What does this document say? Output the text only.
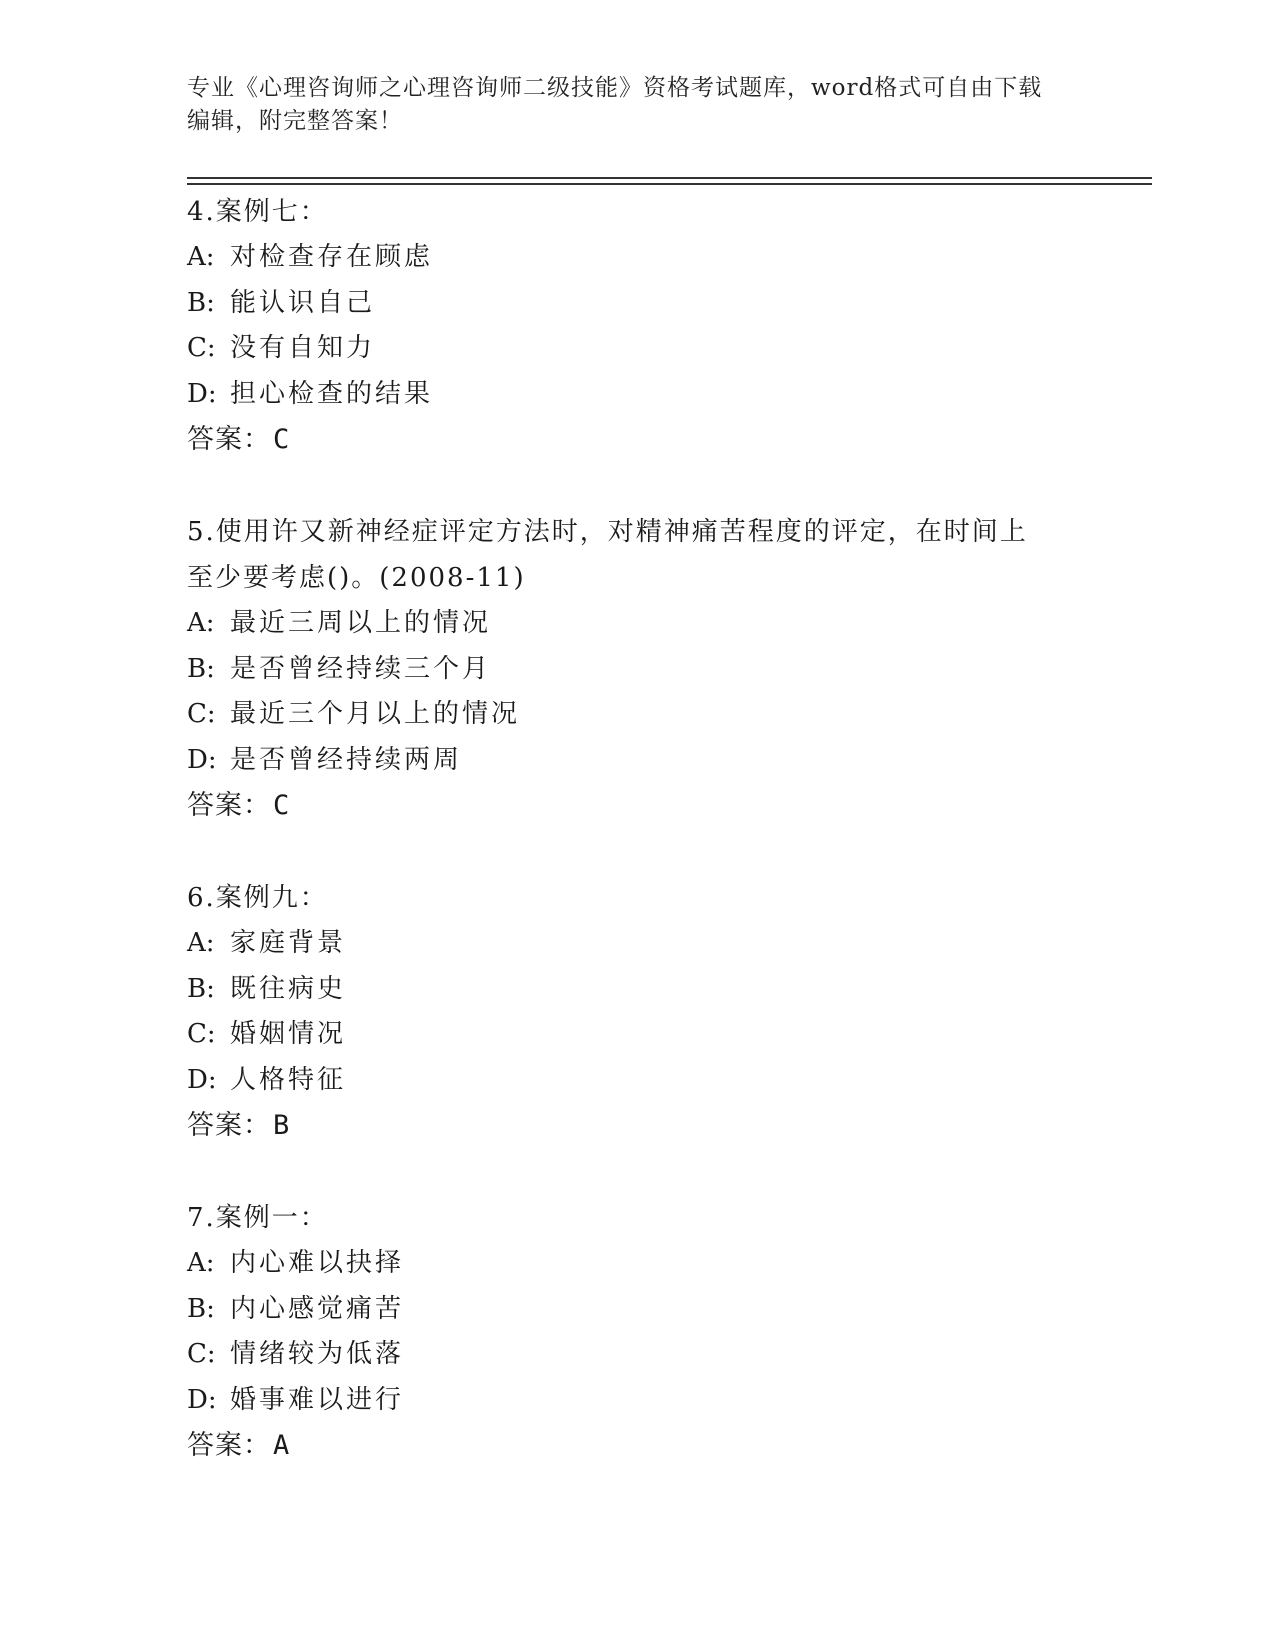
专业《心理咨询师之心理咨询师二级技能》资格考试题库，word格式可自由下载
编辑，附完整答案！
4.案例七：
A: 对检查存在顾虑
B: 能认识自己
C: 没有自知力
D: 担心检查的结果
答案：C
5.使用许又新神经症评定方法时，对精神痛苦程度的评定，在时间上
至少要考虑()。(2008-11)
A: 最近三周以上的情况
B: 是否曾经持续三个月
C: 最近三个月以上的情况
D: 是否曾经持续两周
答案：C
6.案例九：
A: 家庭背景
B: 既往病史
C: 婚姻情况
D: 人格特征
答案：B
7.案例一：
A: 内心难以抉择
B: 内心感觉痛苦
C: 情绪较为低落
D: 婚事难以进行
答案：A
